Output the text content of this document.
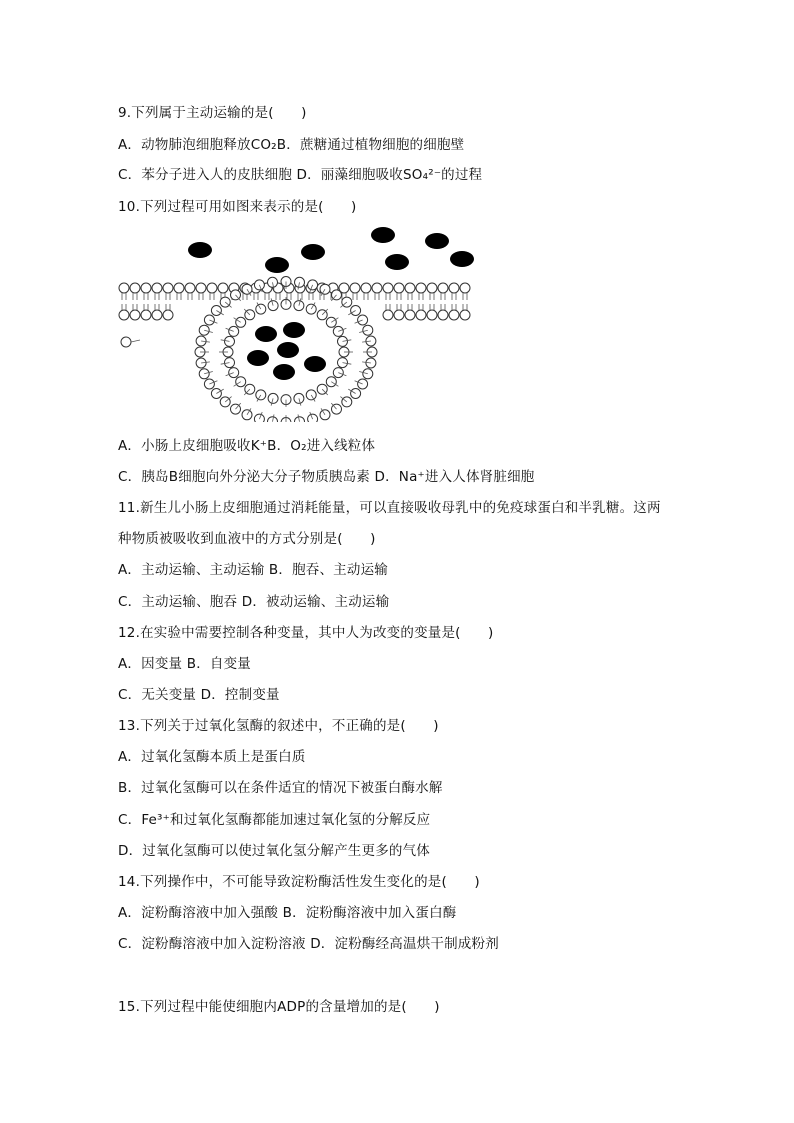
9.下列属于主动运输的是(　　)
A．动物肺泡细胞释放CO₂B．蔗糖通过植物细胞的细胞壁
C．苯分子进入人的皮肤细胞 D．丽藻细胞吸收SO₄²⁻的过程
10.下列过程可用如图来表示的是(　　)
A．小肠上皮细胞吸收K⁺B．O₂进入线粒体
C．胰岛B细胞向外分泌大分子物质胰岛素 D．Na⁺进入人体肾脏细胞
11.新生儿小肠上皮细胞通过消耗能量，可以直接吸收母乳中的免疫球蛋白和半乳糖。这两
种物质被吸收到血液中的方式分别是(　　)
A．主动运输、主动运输 B．胞吞、主动运输
C．主动运输、胞吞 D．被动运输、主动运输
12.在实验中需要控制各种变量，其中人为改变的变量是(　　)
A．因变量 B．自变量
C．无关变量 D．控制变量
13.下列关于过氧化氢酶的叙述中，不正确的是(　　)
A．过氧化氢酶本质上是蛋白质
B．过氧化氢酶可以在条件适宜的情况下被蛋白酶水解
C．Fe³⁺和过氧化氢酶都能加速过氧化氢的分解反应
D．过氧化氢酶可以使过氧化氢分解产生更多的气体
14.下列操作中，不可能导致淀粉酶活性发生变化的是(　　)
A．淀粉酶溶液中加入强酸 B．淀粉酶溶液中加入蛋白酶
C．淀粉酶溶液中加入淀粉溶液 D．淀粉酶经高温烘干制成粉剂
15.下列过程中能使细胞内ADP的含量增加的是(　　)
